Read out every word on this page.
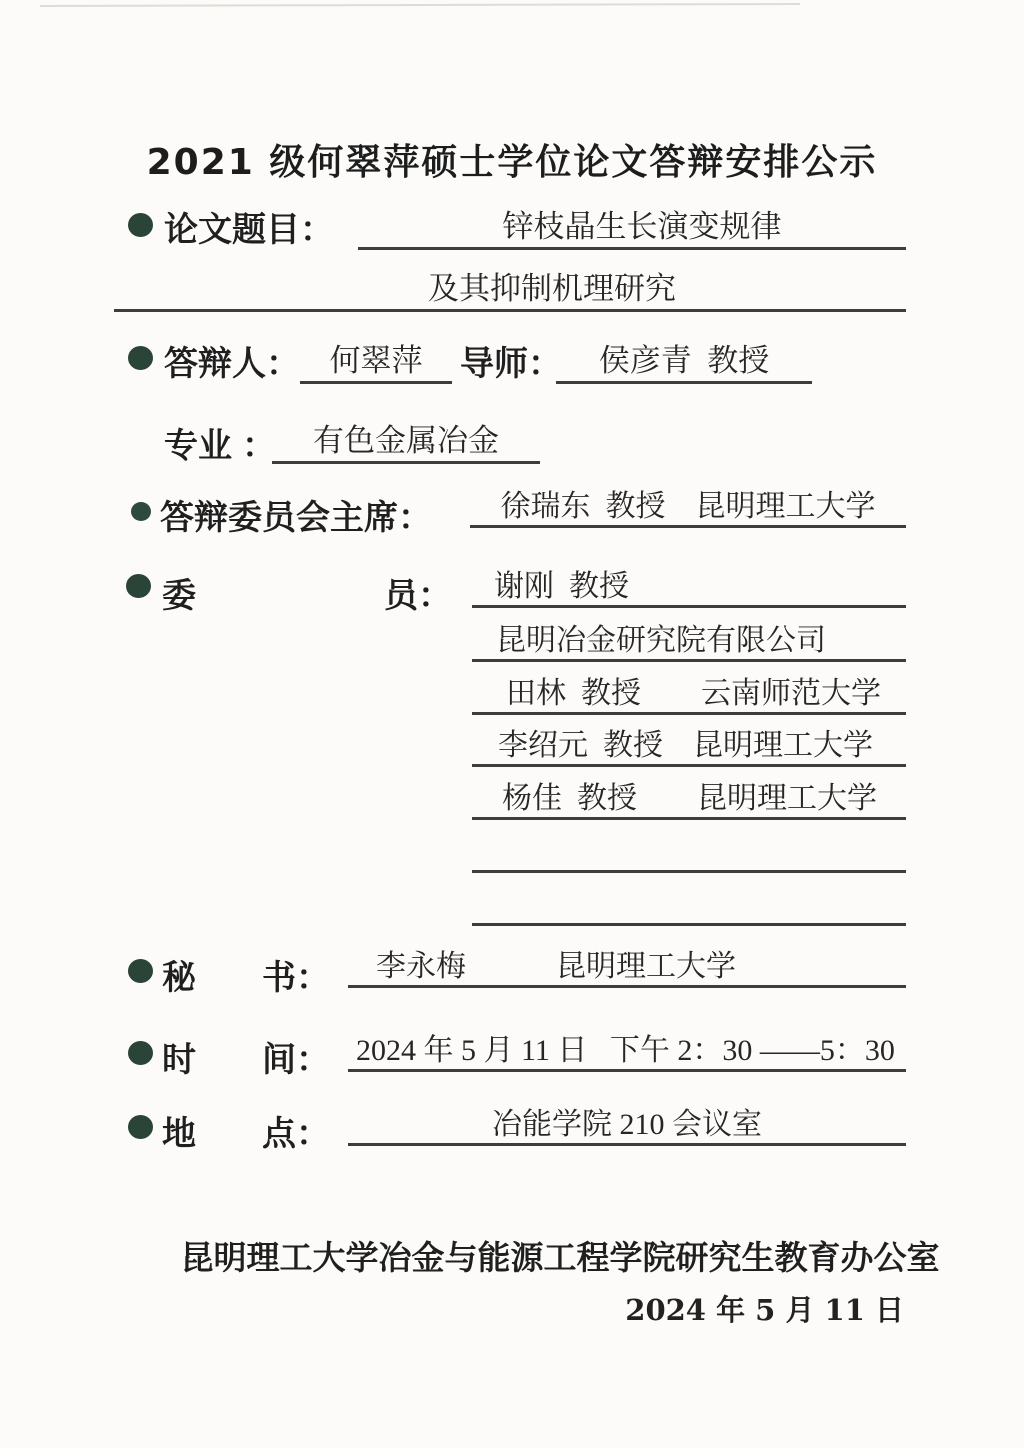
2021 级何翠萍硕士学位论文答辩安排公示
论文题目：	锌枝晶生长演变规律
及其抑制机理研究
答辩人： 何翠萍	导师：	侯彦青  教授
专业 ：	有色金属冶金
答辩委员会主席：	徐瑞东  教授    昆明理工大学
委	员：	谢刚  教授
昆明冶金研究院有限公司
田林  教授        云南师范大学
李绍元  教授    昆明理工大学
杨佳  教授        昆明理工大学
秘 书：	李永梅            昆明理工大学
时 间： 2024 年 5 月 11 日   下午 2：30 ——5：30
地 点：	冶能学院 210 会议室
昆明理工大学冶金与能源工程学院研究生教育办公室
2024 年 5 月 11 日
